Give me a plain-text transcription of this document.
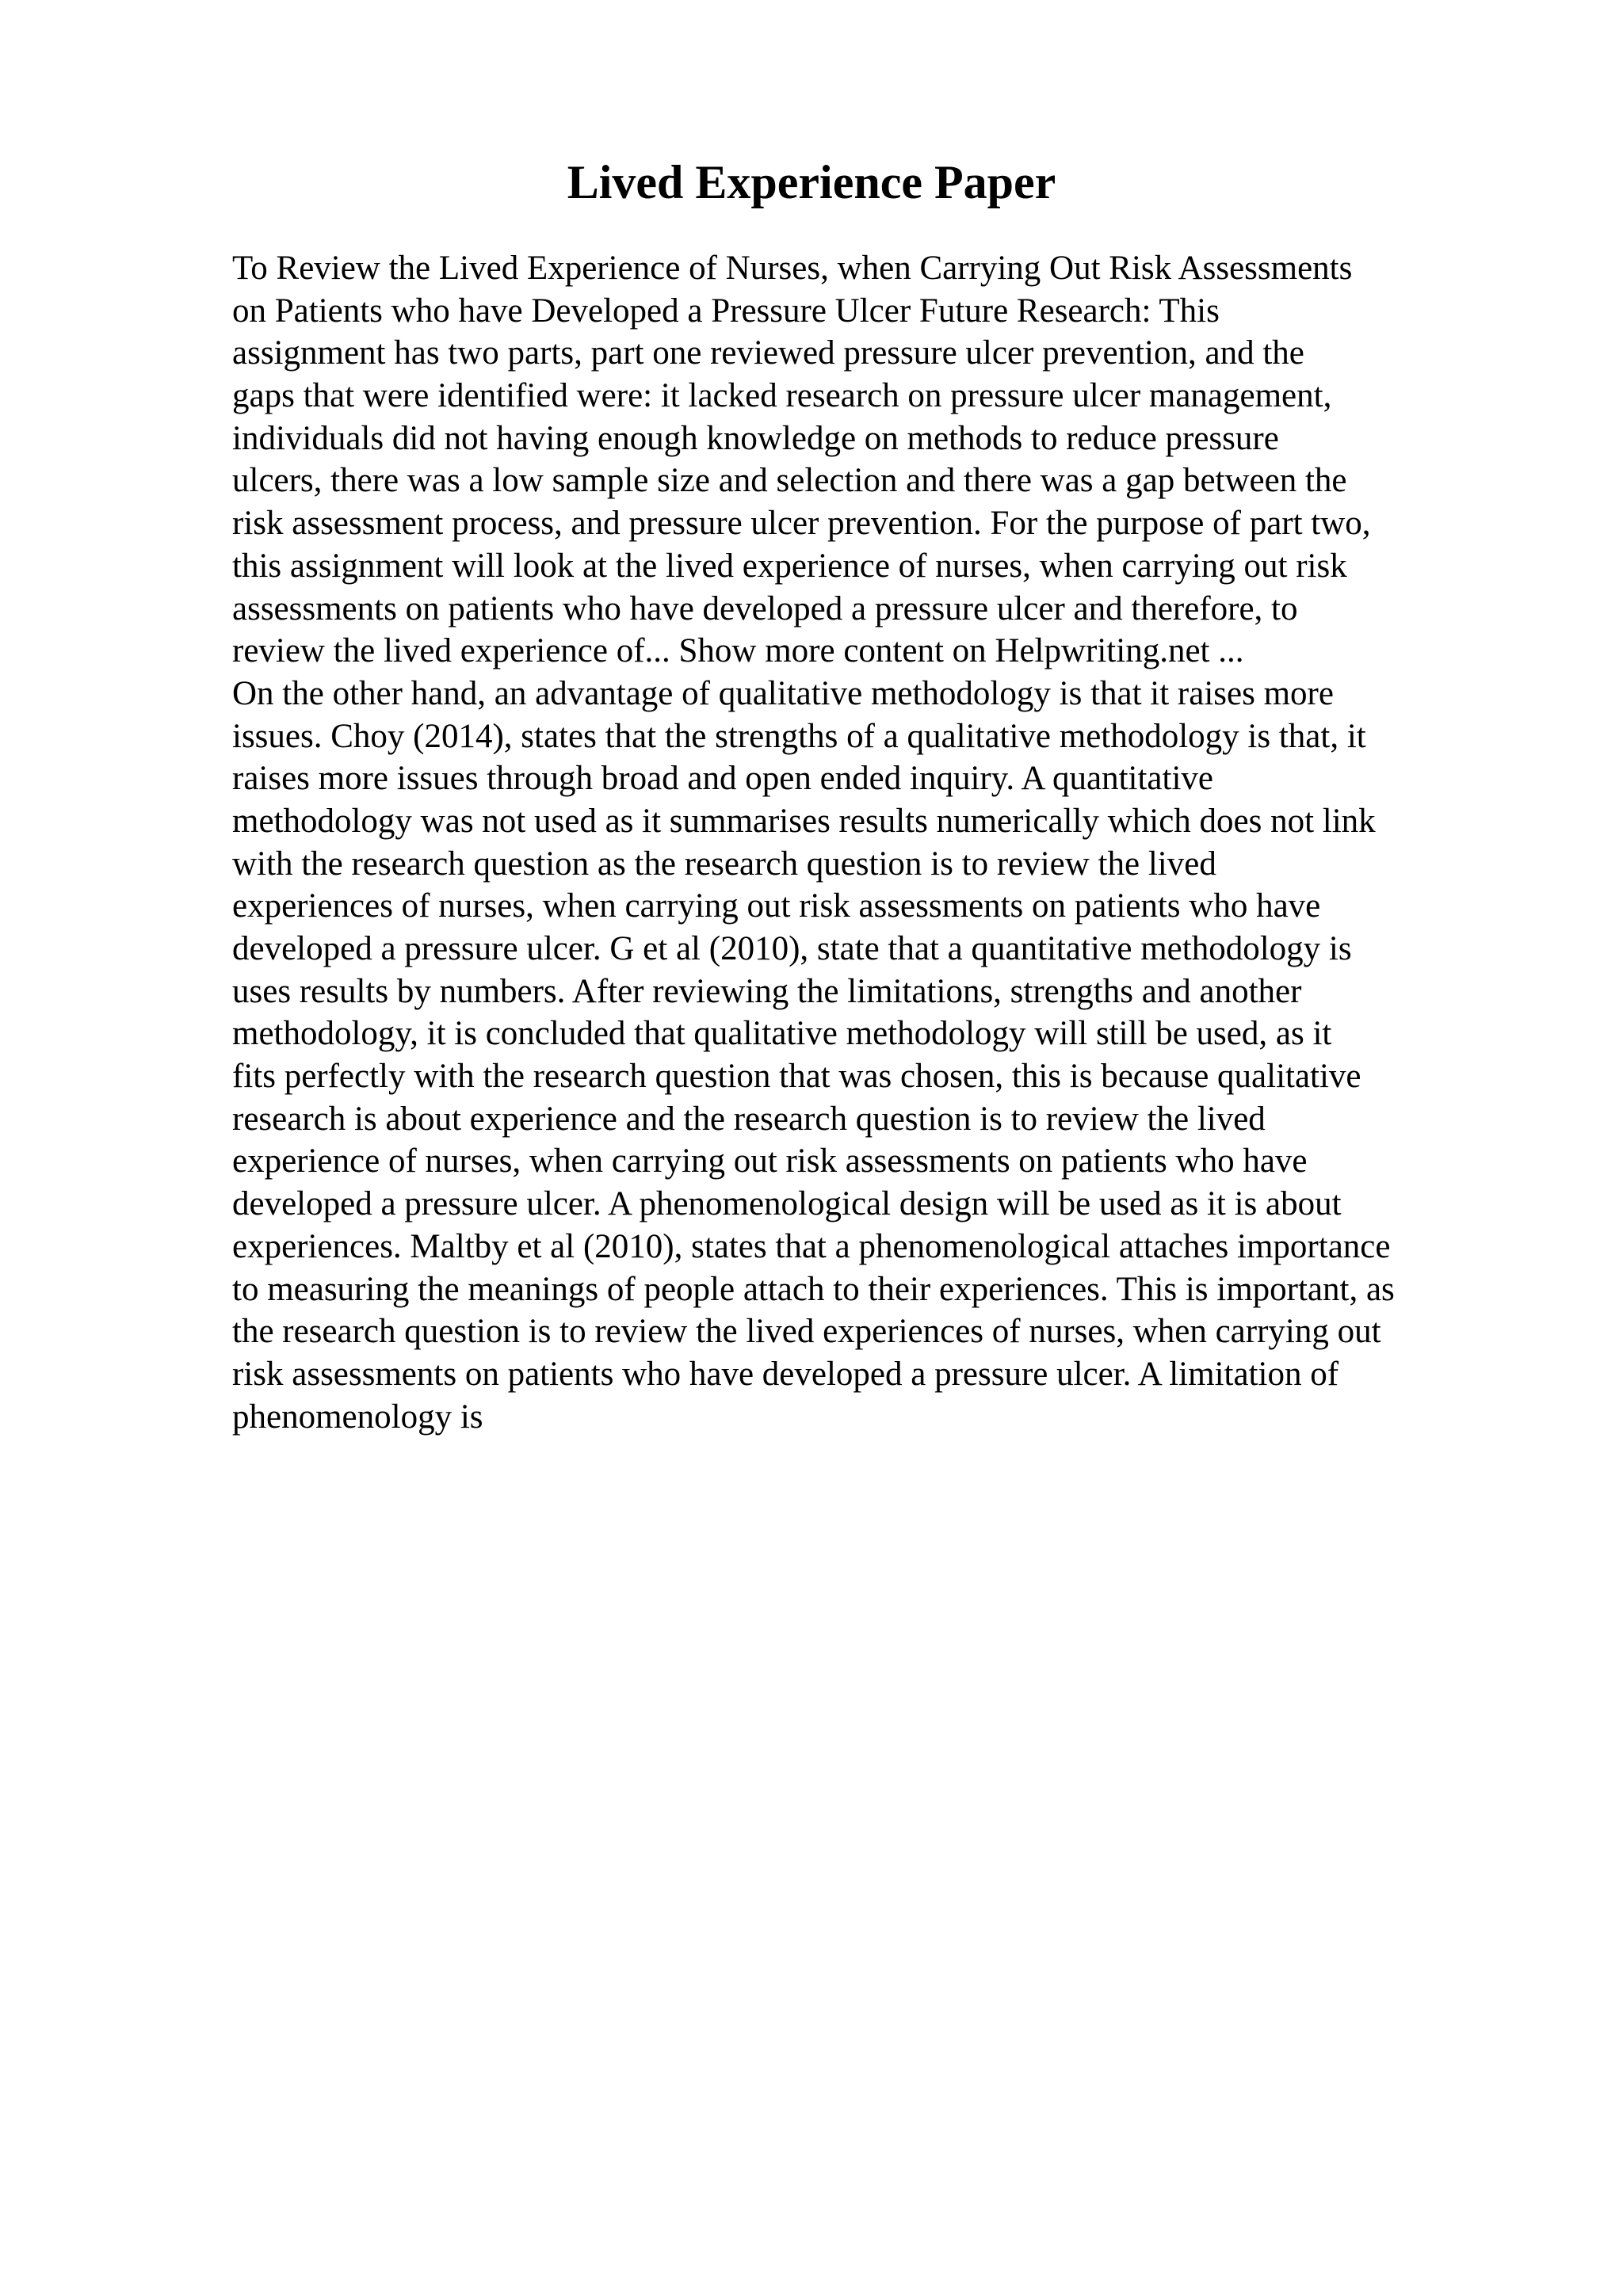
Lived Experience Paper
To Review the Lived Experience of Nurses, when Carrying Out Risk Assessments
on Patients who have Developed a Pressure Ulcer Future Research: This
assignment has two parts, part one reviewed pressure ulcer prevention, and the
gaps that were identified were: it lacked research on pressure ulcer management,
individuals did not having enough knowledge on methods to reduce pressure
ulcers, there was a low sample size and selection and there was a gap between the
risk assessment process, and pressure ulcer prevention. For the purpose of part two,
this assignment will look at the lived experience of nurses, when carrying out risk
assessments on patients who have developed a pressure ulcer and therefore, to
review the lived experience of... Show more content on Helpwriting.net ...
On the other hand, an advantage of qualitative methodology is that it raises more
issues. Choy (2014), states that the strengths of a qualitative methodology is that, it
raises more issues through broad and open ended inquiry. A quantitative
methodology was not used as it summarises results numerically which does not link
with the research question as the research question is to review the lived
experiences of nurses, when carrying out risk assessments on patients who have
developed a pressure ulcer. G et al (2010), state that a quantitative methodology is
uses results by numbers. After reviewing the limitations, strengths and another
methodology, it is concluded that qualitative methodology will still be used, as it
fits perfectly with the research question that was chosen, this is because qualitative
research is about experience and the research question is to review the lived
experience of nurses, when carrying out risk assessments on patients who have
developed a pressure ulcer. A phenomenological design will be used as it is about
experiences. Maltby et al (2010), states that a phenomenological attaches importance
to measuring the meanings of people attach to their experiences. This is important, as
the research question is to review the lived experiences of nurses, when carrying out
risk assessments on patients who have developed a pressure ulcer. A limitation of
phenomenology is
